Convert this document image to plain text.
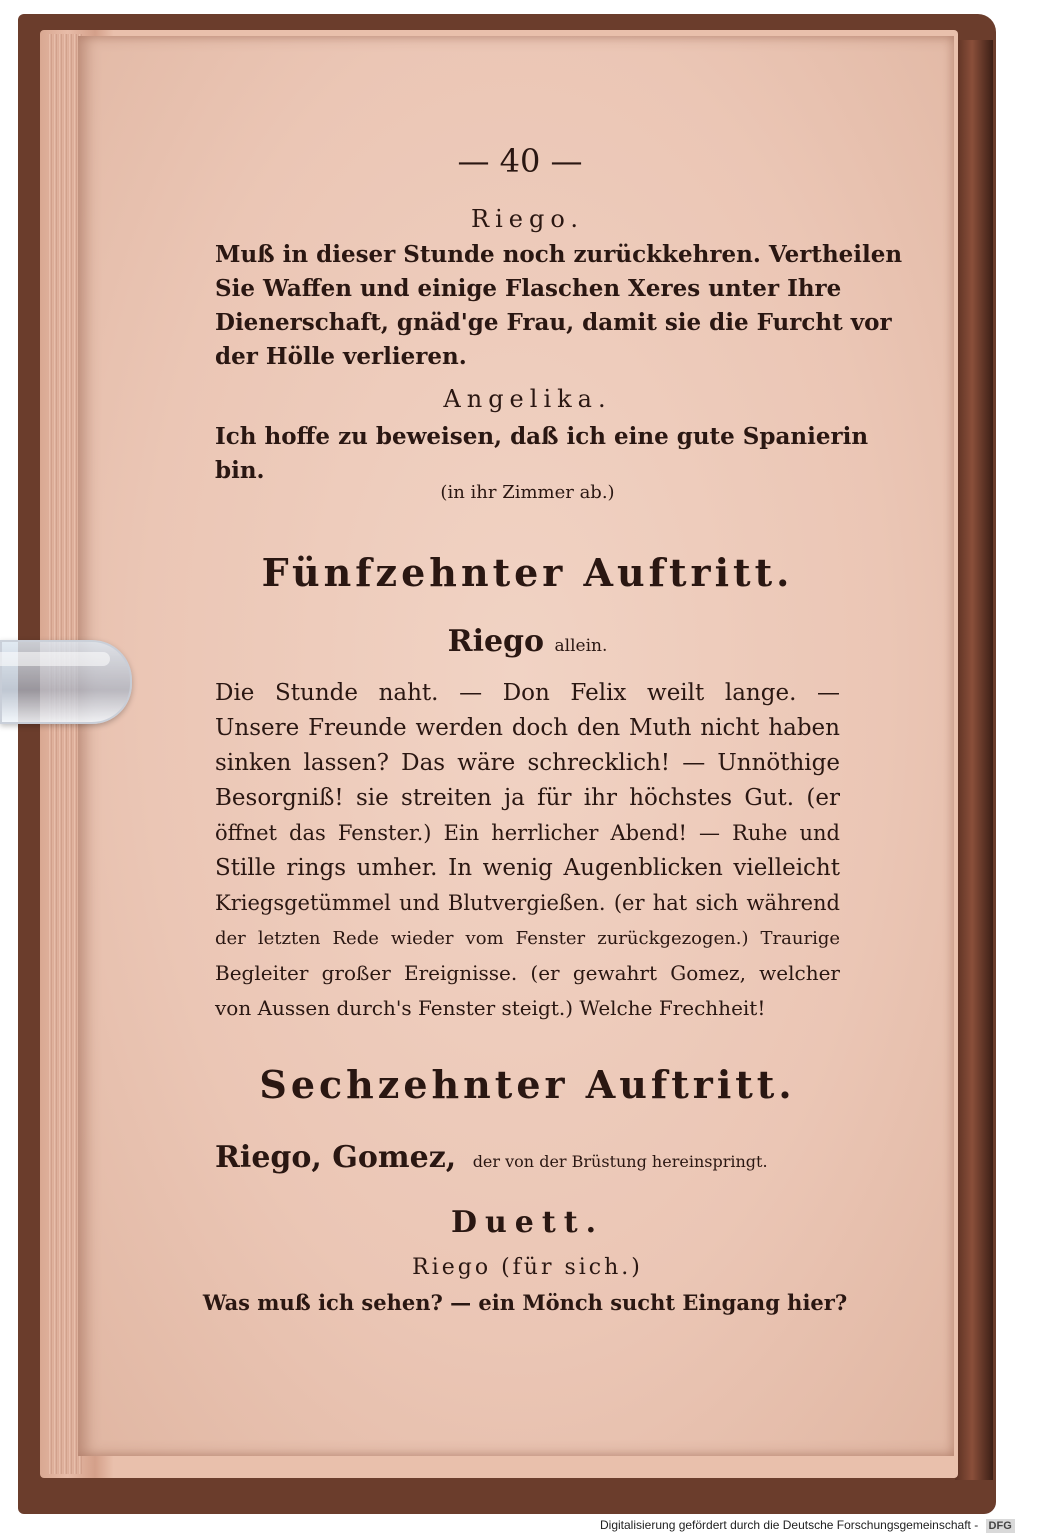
— 40 —
Riego.
Muß in dieser Stunde noch zurückkehren. Vertheilen
Sie Waffen und einige Flaschen Xeres unter Ihre
Dienerschaft, gnäd'ge Frau, damit sie die Furcht vor
der Hölle verlieren.
Angelika.
Ich hoffe zu beweisen, daß ich eine gute Spanierin
bin.
(in ihr Zimmer ab.)
Fünfzehnter Auftritt.
Riego allein.
Die Stunde naht. — Don Felix weilt lange. —
Unsere Freunde werden doch den Muth nicht haben
sinken lassen? Das wäre schrecklich! — Unnöthige
Besorgniß! sie streiten ja für ihr höchstes Gut. (er
öffnet das Fenster.) Ein herrlicher Abend! — Ruhe und
Stille rings umher. In wenig Augenblicken vielleicht
Kriegsgetümmel und Blutvergießen. (er hat sich während
der letzten Rede wieder vom Fenster zurückgezogen.) Traurige
Begleiter großer Ereignisse. (er gewahrt Gomez, welcher
von Aussen durch's Fenster steigt.) Welche Frechheit!
Sechzehnter Auftritt.
Riego, Gomez, der von der Brüstung hereinspringt.
Duett.
Riego (für sich.)
Was muß ich sehen? — ein Mönch sucht Eingang hier?
Digitalisierung gefördert durch die Deutsche Forschungsgemeinschaft - DFG
